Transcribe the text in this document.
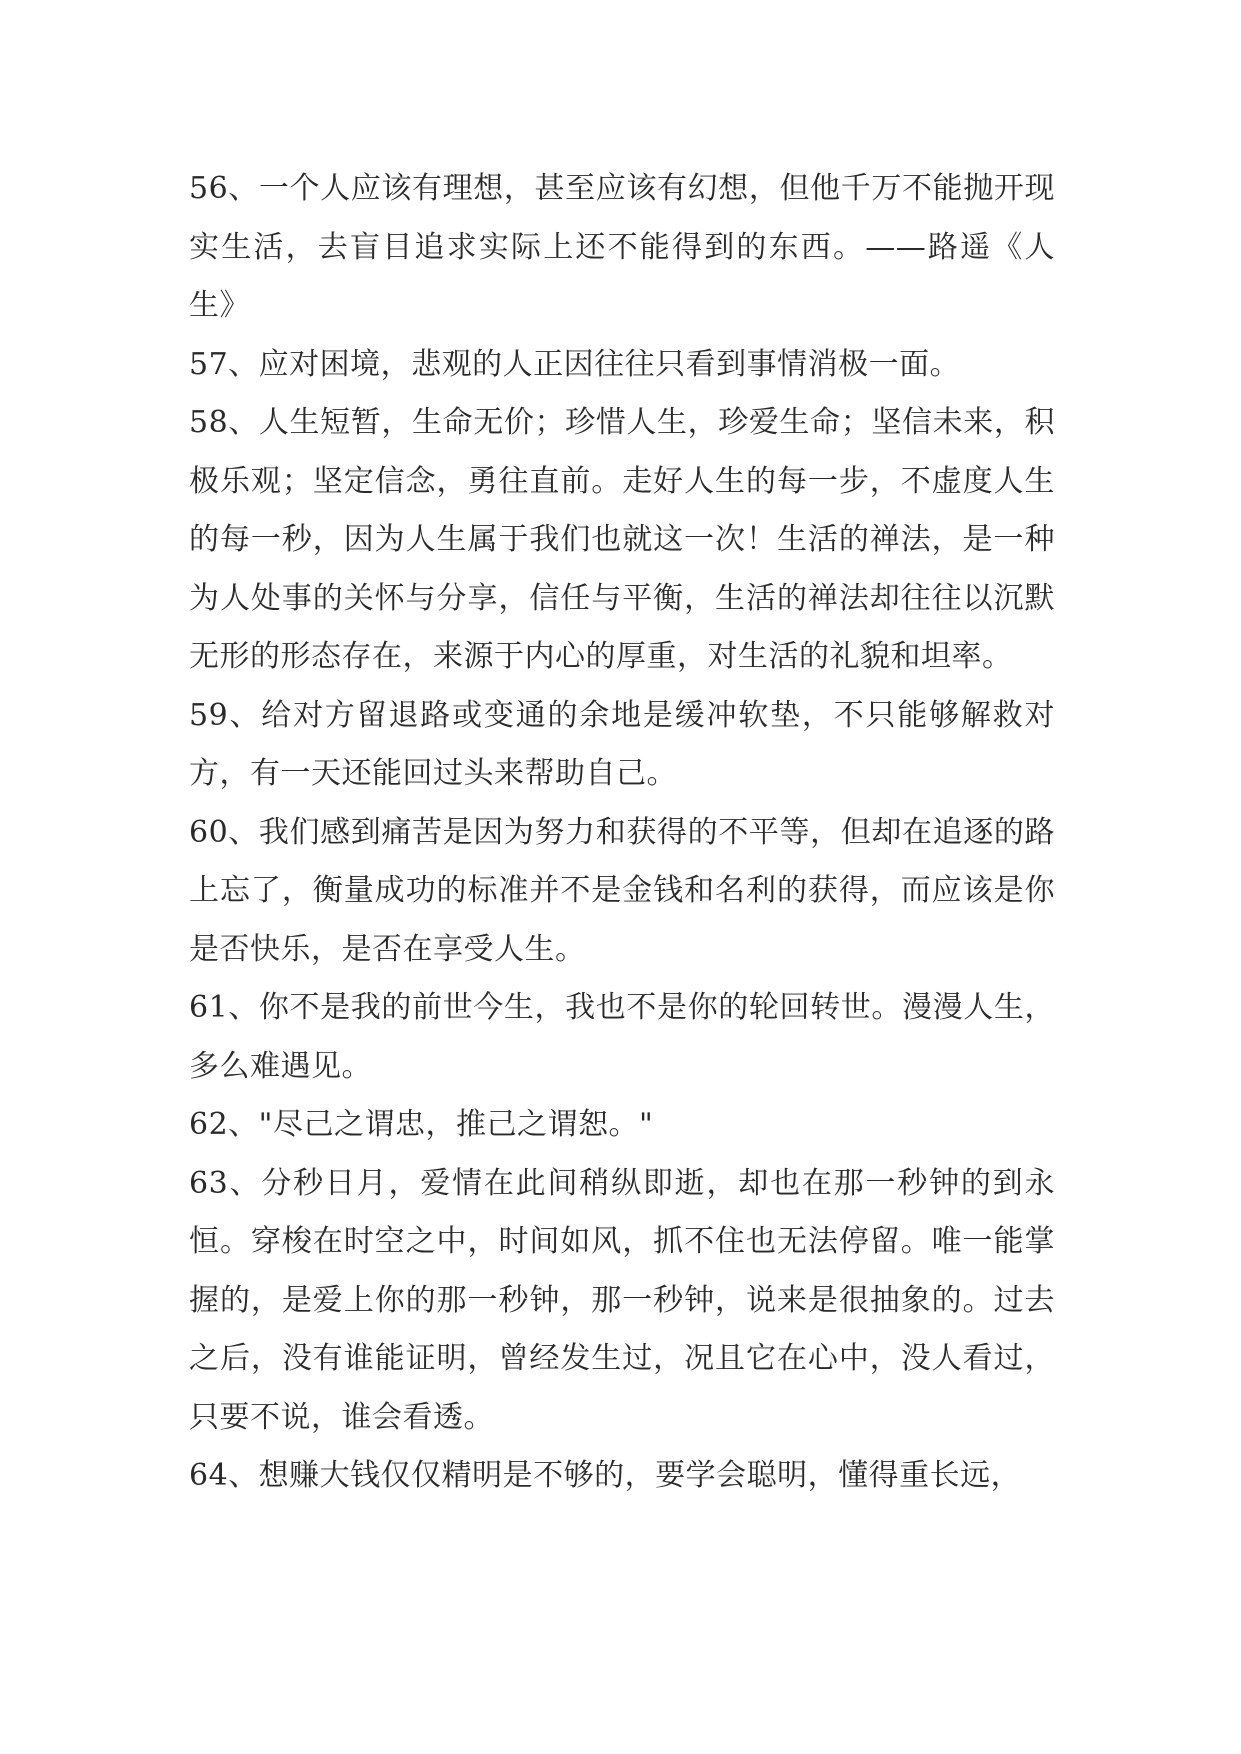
56、一个人应该有理想，甚至应该有幻想，但他千万不能抛开现实生活，去盲目追求实际上还不能得到的东西。——路遥《人生》

57、应对困境，悲观的人正因往往只看到事情消极一面。

58、人生短暂，生命无价；珍惜人生，珍爱生命；坚信未来，积极乐观；坚定信念，勇往直前。走好人生的每一步，不虚度人生的每一秒，因为人生属于我们也就这一次！生活的禅法，是一种为人处事的关怀与分享，信任与平衡，生活的禅法却往往以沉默无形的形态存在，来源于内心的厚重，对生活的礼貌和坦率。

59、给对方留退路或变通的余地是缓冲软垫，不只能够解救对方，有一天还能回过头来帮助自己。

60、我们感到痛苦是因为努力和获得的不平等，但却在追逐的路上忘了，衡量成功的标准并不是金钱和名利的获得，而应该是你是否快乐，是否在享受人生。

61、你不是我的前世今生，我也不是你的轮回转世。漫漫人生，多么难遇见。

62、"尽己之谓忠，推己之谓恕。"

63、分秒日月，爱情在此间稍纵即逝，却也在那一秒钟的到永恒。穿梭在时空之中，时间如风，抓不住也无法停留。唯一能掌握的，是爱上你的那一秒钟，那一秒钟，说来是很抽象的。过去之后，没有谁能证明，曾经发生过，况且它在心中，没人看过，只要不说，谁会看透。

64、想赚大钱仅仅精明是不够的，要学会聪明，懂得重长远，
